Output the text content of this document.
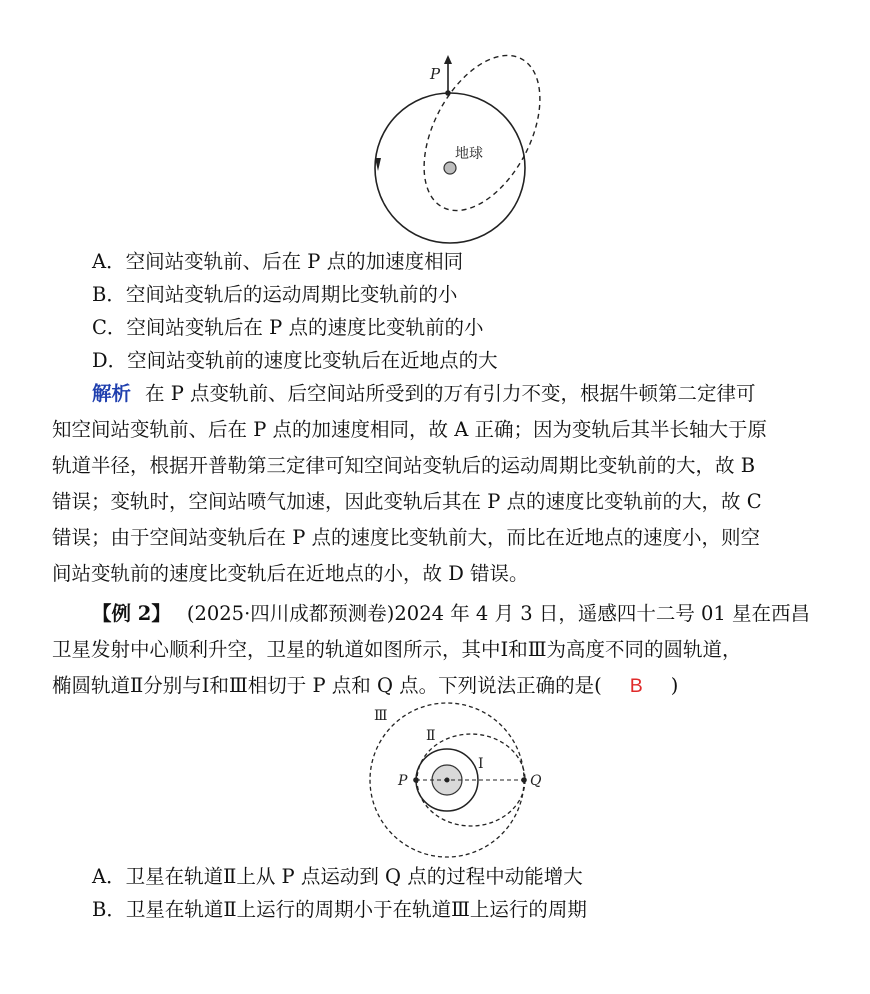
P
地球
A．空间站变轨前、后在 P 点的加速度相同
B．空间站变轨后的运动周期比变轨前的小
C．空间站变轨后在 P 点的速度比变轨前的小
D．空间站变轨前的速度比变轨后在近地点的大
解析 在 P 点变轨前、后空间站所受到的万有引力不变，根据牛顿第二定律可
知空间站变轨前、后在 P 点的加速度相同，故 A 正确；因为变轨后其半长轴大于原
轨道半径，根据开普勒第三定律可知空间站变轨后的运动周期比变轨前的大，故 B
错误；变轨时，空间站喷气加速，因此变轨后其在 P 点的速度比变轨前的大，故 C
错误；由于空间站变轨后在 P 点的速度比变轨前大，而比在近地点的速度小，则空
间站变轨前的速度比变轨后在近地点的小，故 D 错误。
【例 2】 (2025·四川成都预测卷)2024 年 4 月 3 日，遥感四十二号 01 星在西昌
卫星发射中心顺利升空，卫星的轨道如图所示，其中Ⅰ和Ⅲ为高度不同的圆轨道，
椭圆轨道Ⅱ分别与Ⅰ和Ⅲ相切于 P 点和 Q 点。下列说法正确的是( B )
Ⅲ
Ⅱ
Ⅰ
P	Q
A．卫星在轨道Ⅱ上从 P 点运动到 Q 点的过程中动能增大
B．卫星在轨道Ⅱ上运行的周期小于在轨道Ⅲ上运行的周期
